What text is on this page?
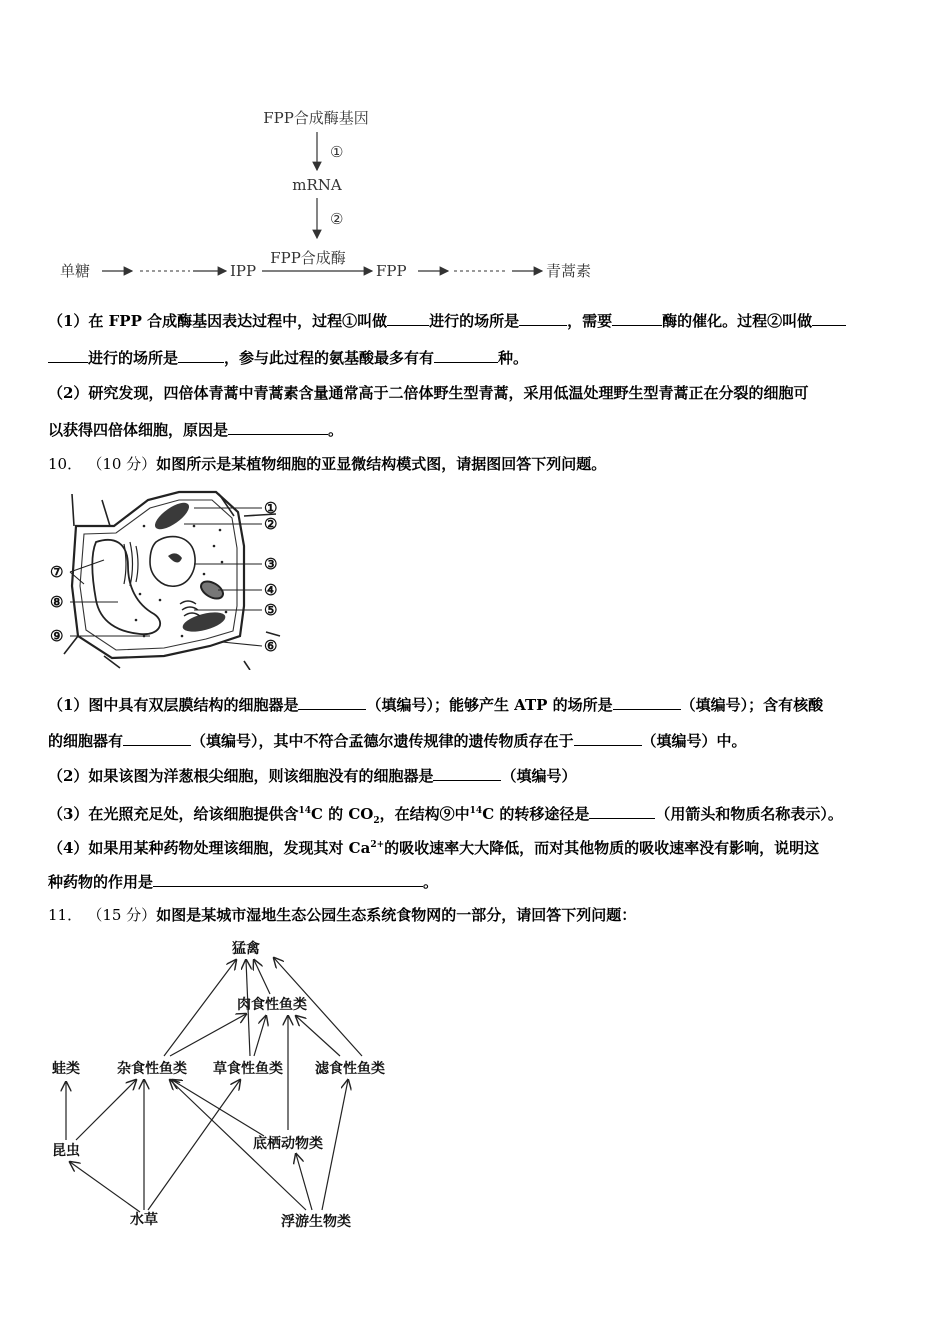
FPP合成酶基因
①
mRNA
②
FPP合成酶
单糖	IPP	FPP	青蒿素
（1）在 FPP 合成酶基因表达过程中，过程①叫做	进行的场所是	，需要	酶的催化。过程②叫做
进行的场所是	，参与此过程的氨基酸最多有有	种。
（2）研究发现，四倍体青蒿中青蒿素含量通常高于二倍体野生型青蒿，采用低温处理野生型青蒿正在分裂的细胞可
以获得四倍体细胞，原因是	。
10． （10 分）如图所示是某植物细胞的亚显微结构模式图，请据图回答下列问题。
①
②
③
④
⑤
⑥
⑦
⑧
⑨
（1）图中具有双层膜结构的细胞器是	（填编号）；能够产生 ATP 的场所是	（填编号）；含有核酸
的细胞器有	（填编号），其中不符合孟德尔遗传规律的遗传物质存在于	（填编号）中。
（2）如果该图为洋葱根尖细胞，则该细胞没有的细胞器是	（填编号）
（3）在光照充足处，给该细胞提供含$^{14}$C 的 $CO_2$，在结构⑨中$^{14}$C 的转移途径是	（用箭头和物质名称表示）。
（4）如果用某种药物处理该细胞，发现其对 $Ca^{2+}$的吸收速率大大降低，而对其他物质的吸收速率没有影响，说明这
种药物的作用是	。
11． （15 分）如图是某城市湿地生态公园生态系统食物网的一部分，请回答下列问题：
猛禽
肉食性鱼类
蛙类	杂食性鱼类 草食性鱼类 滤食性鱼类
底栖动物类
昆虫
水草	浮游生物类
